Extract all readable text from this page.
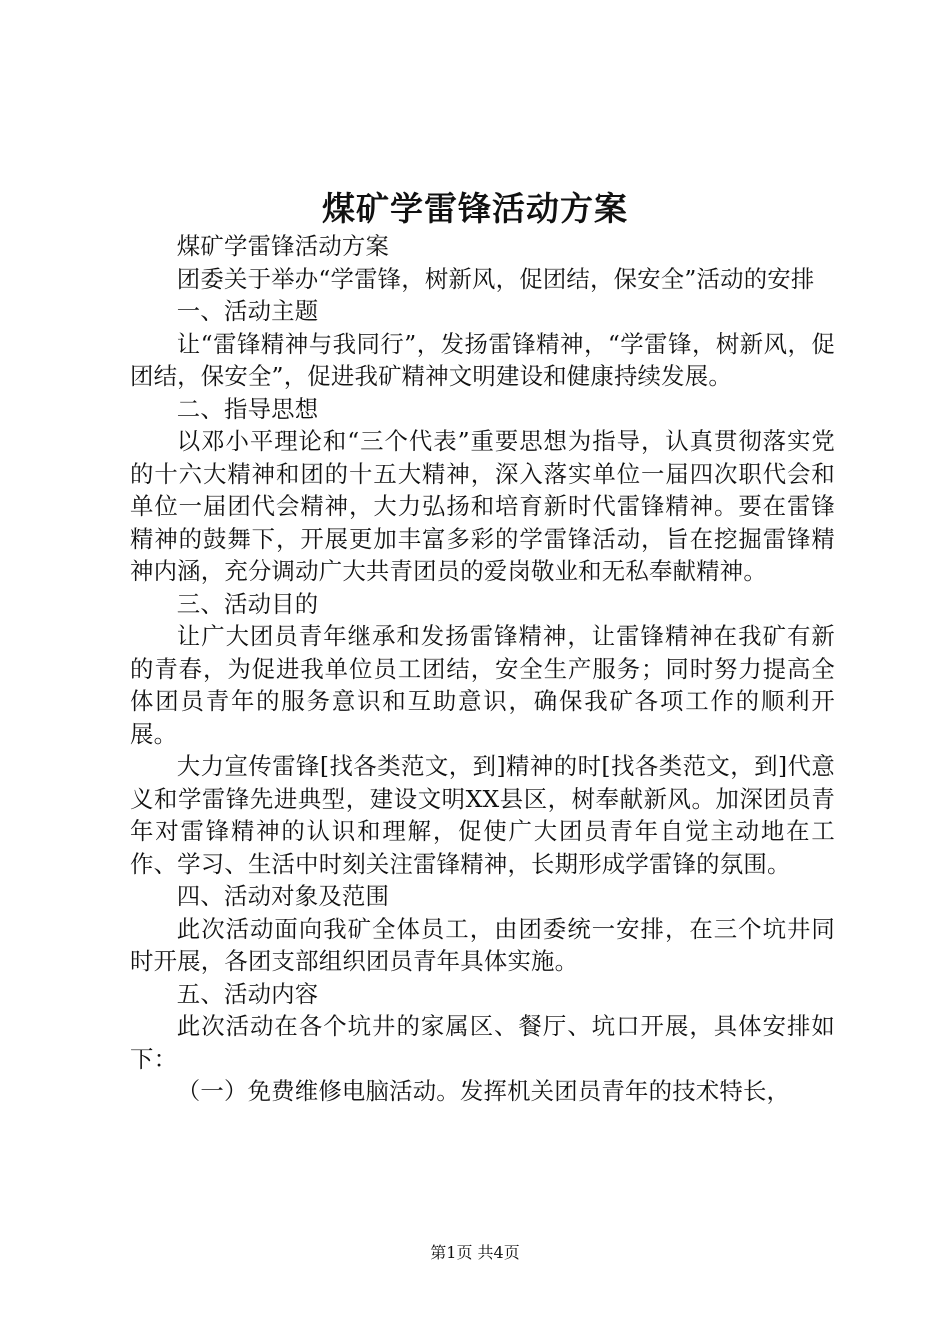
煤矿学雷锋活动方案

煤矿学雷锋活动方案

团委关于举办“学雷锋，树新风，促团结，保安全”活动的安排

一、活动主题

让“雷锋精神与我同行”，发扬雷锋精神，“学雷锋，树新风，促团结，保安全”，促进我矿精神文明建设和健康持续发展。

二、指导思想

以邓小平理论和“三个代表”重要思想为指导，认真贯彻落实党的十六大精神和团的十五大精神，深入落实单位一届四次职代会和单位一届团代会精神，大力弘扬和培育新时代雷锋精神。要在雷锋精神的鼓舞下，开展更加丰富多彩的学雷锋活动，旨在挖掘雷锋精神内涵，充分调动广大共青团员的爱岗敬业和无私奉献精神。

三、活动目的

让广大团员青年继承和发扬雷锋精神，让雷锋精神在我矿有新的青春，为促进我单位员工团结，安全生产服务；同时努力提高全体团员青年的服务意识和互助意识，确保我矿各项工作的顺利开展。

大力宣传雷锋[找各类范文，到]精神的时[找各类范文，到]代意义和学雷锋先进典型，建设文明XX县区，树奉献新风。加深团员青年对雷锋精神的认识和理解，促使广大团员青年自觉主动地在工作、学习、生活中时刻关注雷锋精神，长期形成学雷锋的氛围。

四、活动对象及范围

此次活动面向我矿全体员工，由团委统一安排，在三个坑井同时开展，各团支部组织团员青年具体实施。

五、活动内容

此次活动在各个坑井的家属区、餐厅、坑口开展，具体安排如下：

（一）免费维修电脑活动。发挥机关团员青年的技术特长，

第1页 共4页
